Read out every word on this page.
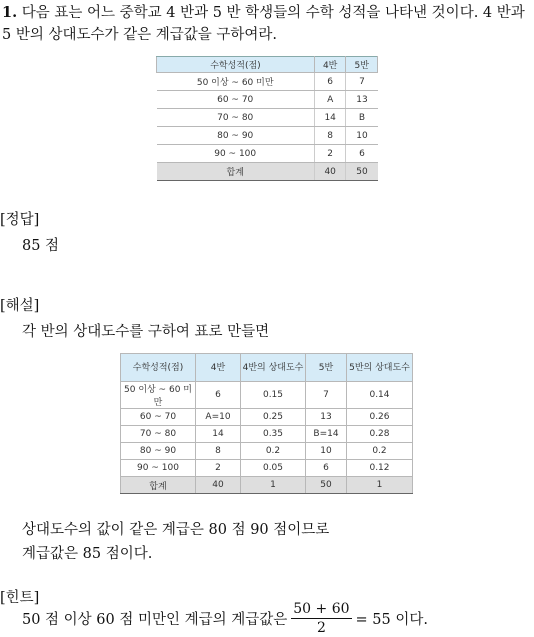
1. 다음 표는 어느 중학교 4 반과 5 반 학생들의 수학 성적을 나타낸 것이다. 4 반과 5 반의 상대도수가 같은 계급값을 구하여라.
수학성적(점)	4반	5반
50 이상 ~ 60 미만	6	7
60 ~ 70	A	13
70 ~ 80	14	B
80 ~ 90	8	10
90 ~ 100	2	6
합계	40	50
[정답]
85 점
[해설]
각 반의 상대도수를 구하여 표로 만들면
수학성적(점)	4반	4반의 상대도수	5반	5반의 상대도수
50 이상 ~ 60 미만	6	0.15	7	0.14
60 ~ 70	A=10	0.25	13	0.26
70 ~ 80	14	0.35	B=14	0.28
80 ~ 90	8	0.2	10	0.2
90 ~ 100	2	0.05	6	0.12
합계	40	1	50	1
상대도수의 값이 같은 계급은 80 점 90 점이므로
계급값은 85 점이다.
[힌트]
50 점 이상 60 점 미만인 계급의 계급값은 $\frac{50 + 60}{2} = 55$ 이다.
